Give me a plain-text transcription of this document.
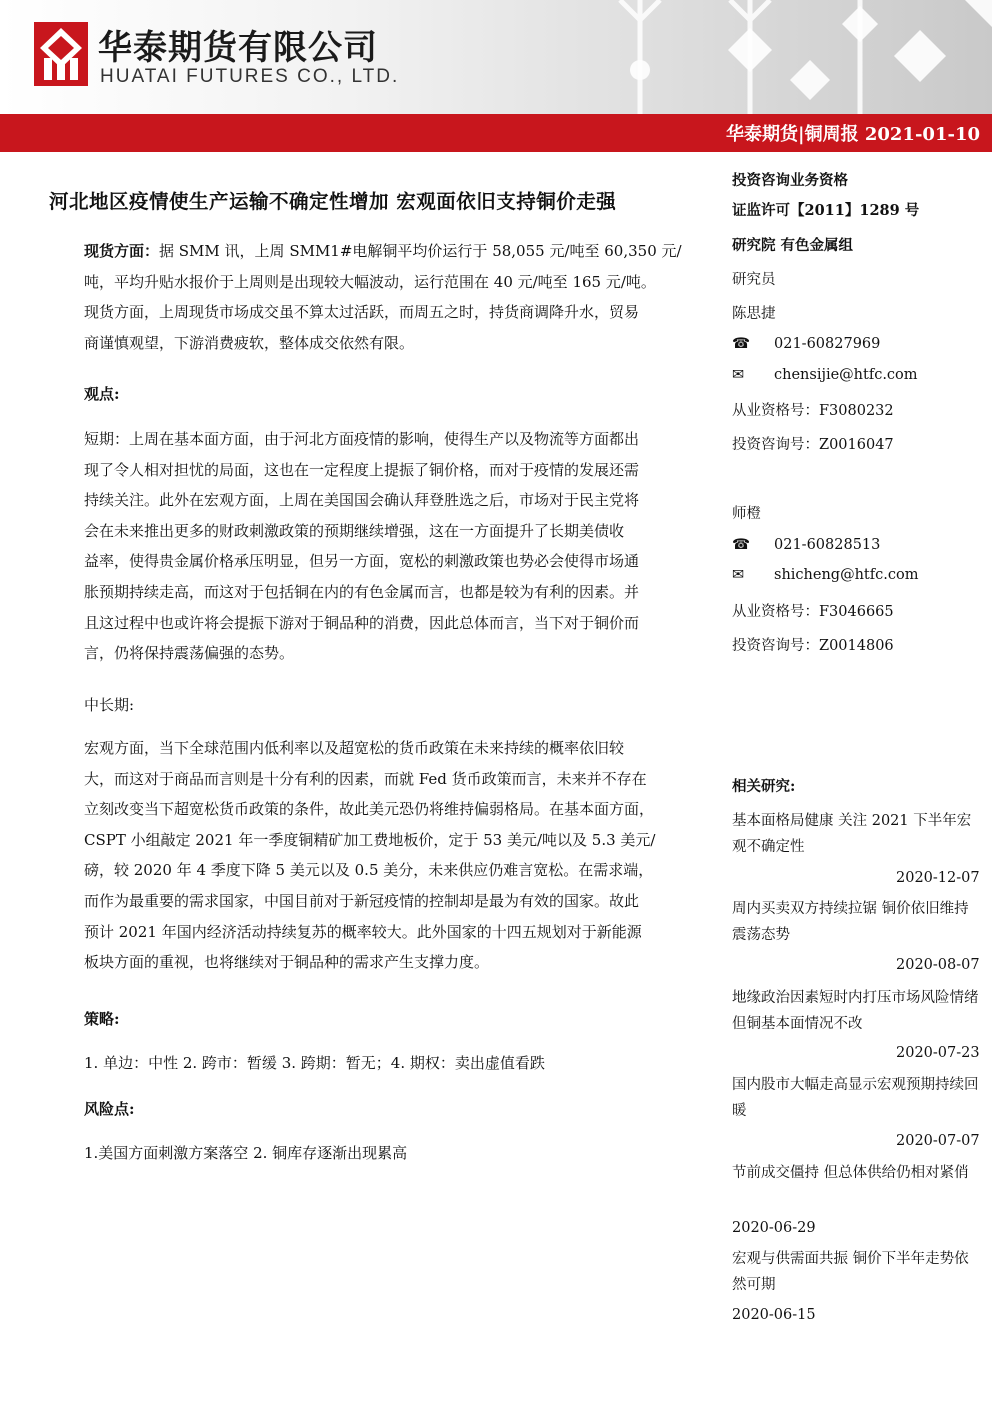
华泰期货有限公司
HUATAI FUTURES CO., LTD.
华泰期货|铜周报 2021-01-10
河北地区疫情使生产运输不确定性增加 宏观面依旧支持铜价走强

现货方面：据 SMM 讯，上周 SMM1#电解铜平均价运行于 58,055 元/吨至 60,350 元/

吨，平均升贴水报价于上周则是出现较大幅波动，运行范围在 40 元/吨至 165 元/吨。

现货方面，上周现货市场成交虽不算太过活跃，而周五之时，持货商调降升水，贸易

商谨慎观望，下游消费疲软，整体成交依然有限。

观点:

短期：上周在基本面方面，由于河北方面疫情的影响，使得生产以及物流等方面都出

现了令人相对担忧的局面，这也在一定程度上提振了铜价格，而对于疫情的发展还需

持续关注。此外在宏观方面，上周在美国国会确认拜登胜选之后，市场对于民主党将

会在未来推出更多的财政刺激政策的预期继续增强，这在一方面提升了长期美债收

益率，使得贵金属价格承压明显，但另一方面，宽松的刺激政策也势必会使得市场通

胀预期持续走高，而这对于包括铜在内的有色金属而言，也都是较为有利的因素。并

且这过程中也或许将会提振下游对于铜品种的消费，因此总体而言，当下对于铜价而

言，仍将保持震荡偏强的态势。

中长期:

宏观方面，当下全球范围内低利率以及超宽松的货币政策在未来持续的概率依旧较

大，而这对于商品而言则是十分有利的因素，而就 Fed 货币政策而言，未来并不存在

立刻改变当下超宽松货币政策的条件，故此美元恐仍将维持偏弱格局。在基本面方面，

CSPT 小组敲定 2021 年一季度铜精矿加工费地板价，定于 53 美元/吨以及 5.3 美元/

磅，较 2020 年 4 季度下降 5 美元以及 0.5 美分，未来供应仍难言宽松。在需求端，

而作为最重要的需求国家，中国目前对于新冠疫情的控制却是最为有效的国家。故此

预计 2021 年国内经济活动持续复苏的概率较大。此外国家的十四五规划对于新能源

板块方面的重视，也将继续对于铜品种的需求产生支撑力度。

策略:
1. 单边：中性 2. 跨市：暂缓 3. 跨期：暂无；4. 期权：卖出虚值看跌
风险点:
1.美国方面刺激方案落空 2. 铜库存逐渐出现累高
投资咨询业务资格
证监许可【2011】1289 号
研究院 有色金属组
研究员
陈思捷
☎ 021-60827969
✉ chensijie@htfc.com
从业资格号：F3080232
投资咨询号：Z0016047
师橙
☎ 021-60828513
✉ shicheng@htfc.com
从业资格号：F3046665
投资咨询号：Z0014806
相关研究:
基本面格局健康 关注 2021 下半年宏观不确定性
2020-12-07
周内买卖双方持续拉锯 铜价依旧维持震荡态势
2020-08-07
地缘政治因素短时内打压市场风险情绪 但铜基本面情况不改
2020-07-23
国内股市大幅走高显示宏观预期持续回暖
2020-07-07
节前成交僵持 但总体供给仍相对紧俏
2020-06-29
宏观与供需面共振 铜价下半年走势依然可期
2020-06-15
